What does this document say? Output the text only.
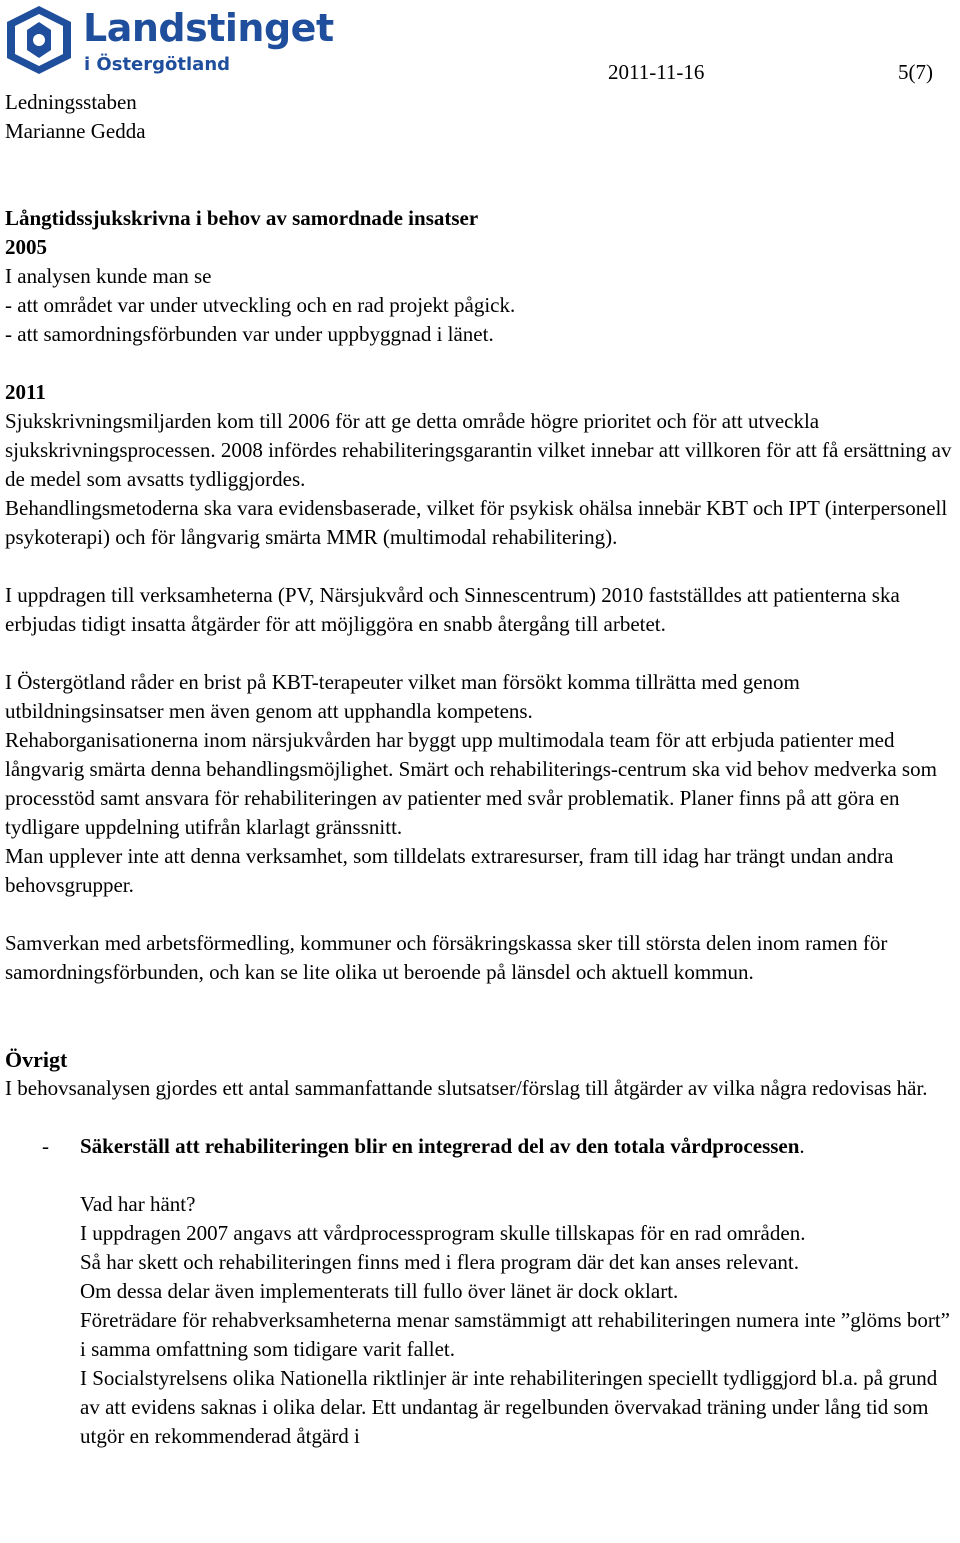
Landstinget
i Östergötland	2011-11-16	5(7)
Ledningsstaben
Marianne Gedda

Långtidssjukskrivna i behov av samordnade insatser

2005

I analysen kunde man se

- att området var under utveckling och en rad projekt pågick.

- att samordningsförbunden var under uppbyggnad i länet.

2011

Sjukskrivningsmiljarden kom till 2006 för att ge detta område högre prioritet och för att utveckla sjukskrivningsprocessen. 2008 infördes rehabiliteringsgarantin vilket innebar att villkoren för att få ersättning av de medel som avsatts tydliggjordes.

Behandlingsmetoderna ska vara evidensbaserade, vilket för psykisk ohälsa innebär KBT och IPT (interpersonell psykoterapi) och för långvarig smärta MMR (multimodal rehabilitering).

I uppdragen till verksamheterna (PV, Närsjukvård och Sinnescentrum) 2010 fastställdes att patienterna ska erbjudas tidigt insatta åtgärder för att möjliggöra en snabb återgång till arbetet.

I Östergötland råder en brist på KBT-terapeuter vilket man försökt komma tillrätta med genom utbildningsinsatser men även genom att upphandla kompetens.

Rehaborganisationerna inom närsjukvården har byggt upp multimodala team för att erbjuda patienter med långvarig smärta denna behandlingsmöjlighet. Smärt och rehabiliterings-centrum ska vid behov medverka som processtöd samt ansvara för rehabiliteringen av patienter med svår problematik. Planer finns på att göra en tydligare uppdelning utifrån klarlagt gränssnitt.

Man upplever inte att denna verksamhet, som tilldelats extraresurser, fram till idag har trängt undan andra behovsgrupper.

Samverkan med arbetsförmedling, kommuner och försäkringskassa sker till största delen inom ramen för samordningsförbunden, och kan se lite olika ut beroende på länsdel och aktuell kommun.

Övrigt

I behovsanalysen gjordes ett antal sammanfattande slutsatser/förslag till åtgärder av vilka några redovisas här.

- Säkerställ att rehabiliteringen blir en integrerad del av den totala vårdprocessen.

Vad har hänt?

I uppdragen 2007 angavs att vårdprocessprogram skulle tillskapas för en rad områden.

Så har skett och rehabiliteringen finns med i flera program där det kan anses relevant.

Om dessa delar även implementerats till fullo över länet är dock oklart.

Företrädare för rehabverksamheterna menar samstämmigt att rehabiliteringen numera inte ”glöms bort” i samma omfattning som tidigare varit fallet.

I Socialstyrelsens olika Nationella riktlinjer är inte rehabiliteringen speciellt tydliggjord bl.a. på grund av att evidens saknas i olika delar. Ett undantag är regelbunden övervakad träning under lång tid som utgör en rekommenderad åtgärd i
